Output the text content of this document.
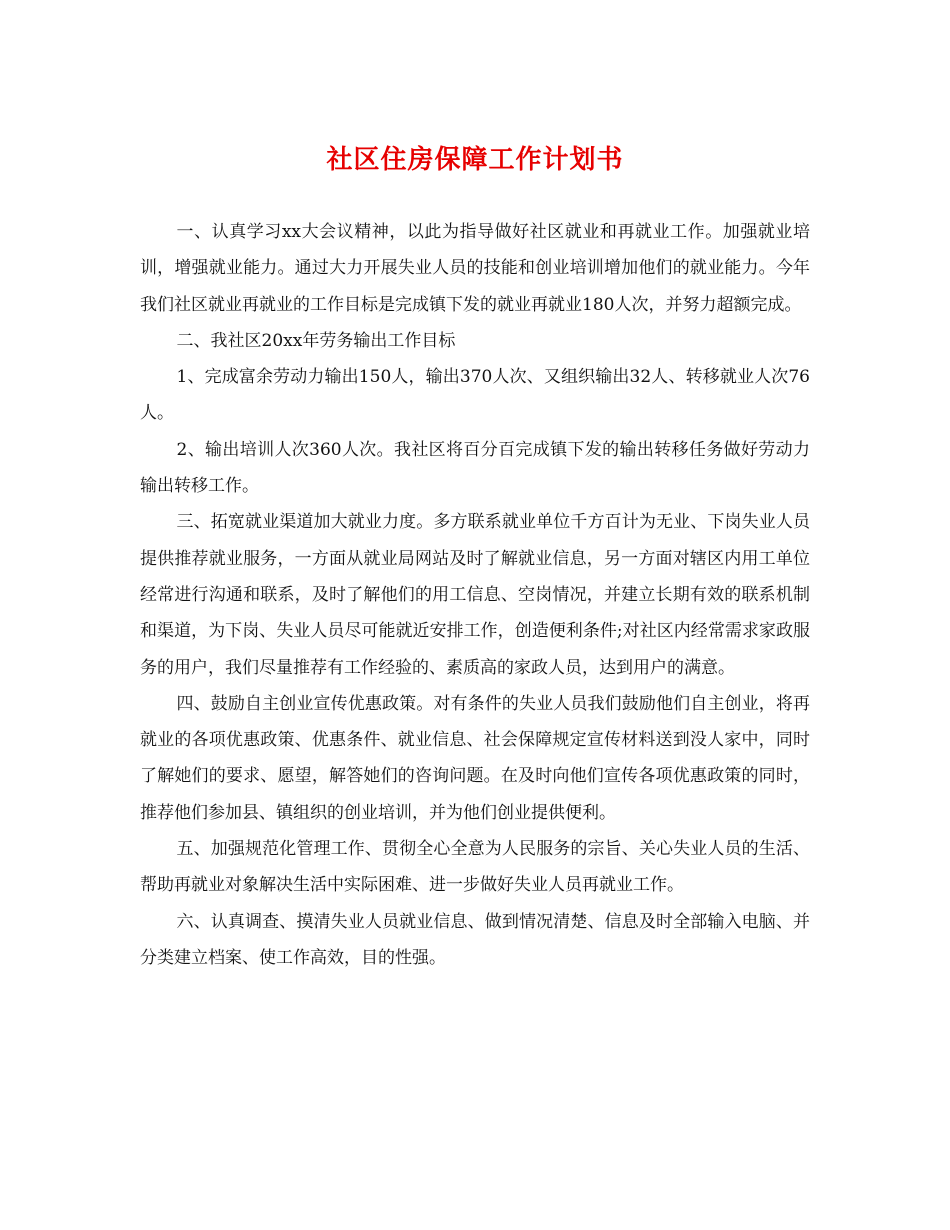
社区住房保障工作计划书

一、认真学习xx大会议精神，以此为指导做好社区就业和再就业工作。加强就业培训，增强就业能力。通过大力开展失业人员的技能和创业培训增加他们的就业能力。今年我们社区就业再就业的工作目标是完成镇下发的就业再就业180人次，并努力超额完成。

二、我社区20xx年劳务输出工作目标

1、完成富余劳动力输出150人，输出370人次、又组织输出32人、转移就业人次76人。

2、输出培训人次360人次。我社区将百分百完成镇下发的输出转移任务做好劳动力输出转移工作。

三、拓宽就业渠道加大就业力度。多方联系就业单位千方百计为无业、下岗失业人员提供推荐就业服务，一方面从就业局网站及时了解就业信息，另一方面对辖区内用工单位经常进行沟通和联系，及时了解他们的用工信息、空岗情况，并建立长期有效的联系机制和渠道，为下岗、失业人员尽可能就近安排工作，创造便利条件;对社区内经常需求家政服务的用户，我们尽量推荐有工作经验的、素质高的家政人员，达到用户的满意。

四、鼓励自主创业宣传优惠政策。对有条件的失业人员我们鼓励他们自主创业，将再就业的各项优惠政策、优惠条件、就业信息、社会保障规定宣传材料送到没人家中，同时了解她们的要求、愿望，解答她们的咨询问题。在及时向他们宣传各项优惠政策的同时，推荐他们参加县、镇组织的创业培训，并为他们创业提供便利。

五、加强规范化管理工作、贯彻全心全意为人民服务的宗旨、关心失业人员的生活、帮助再就业对象解决生活中实际困难、进一步做好失业人员再就业工作。

六、认真调查、摸清失业人员就业信息、做到情况清楚、信息及时全部输入电脑、并分类建立档案、使工作高效，目的性强。
